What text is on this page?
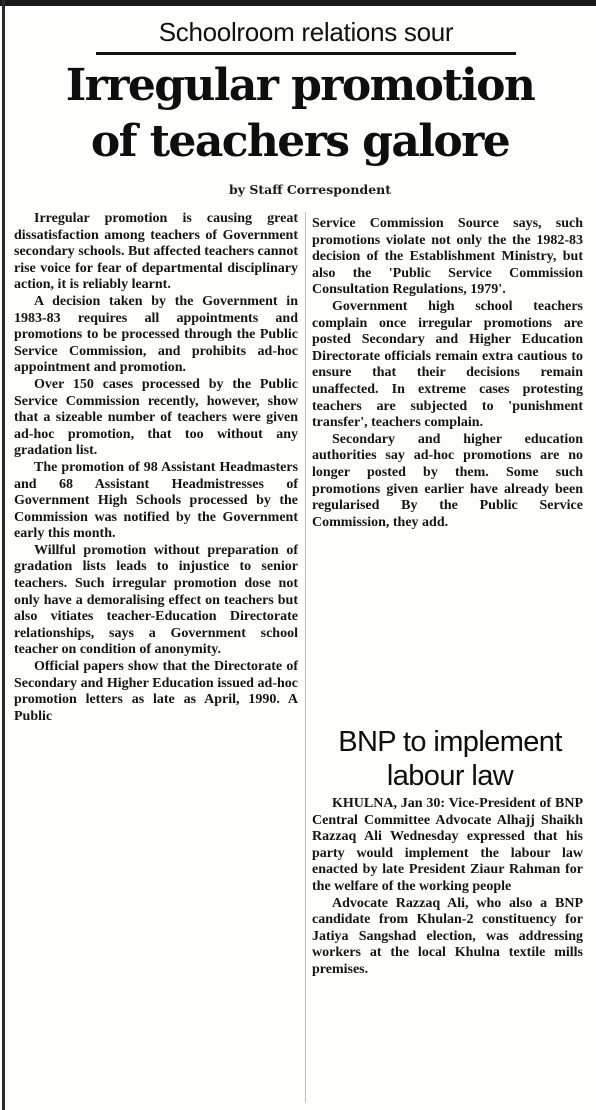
Schoolroom relations sour
Irregular promotion
of teachers galore
by Staff Correspondent

Irregular promotion is causing great dissatisfaction among teachers of Government secondary schools. But affected teachers cannot rise voice for fear of departmental disciplinary action, it is reliably learnt.

A decision taken by the Government in 1983-83 requires all appointments and promotions to be processed through the Public Service Commission, and prohibits ad-hoc appointment and promotion.

Over 150 cases processed by the Public Service Commission recently, however, show that a sizeable number of teachers were given ad-hoc promotion, that too without any gradation list.

The promotion of 98 Assistant Headmasters and 68 Assistant Headmistresses of Government High Schools processed by the Commission was notified by the Government early this month.

Willful promotion without preparation of gradation lists leads to injustice to senior teachers. Such irregular promotion dose not only have a demoralising effect on teachers but also vitiates teacher-Education Directorate relationships, says a Government school teacher on condition of anonymity.

Official papers show that the Directorate of Secondary and Higher Education issued ad-hoc promotion letters as late as April, 1990. A Public

Service Commission Source says, such promotions violate not only the the 1982-83 decision of the Establishment Ministry, but also the 'Public Service Commission Consultation Regulations, 1979'.

Government high school teachers complain once irregular promotions are posted Secondary and Higher Education Directorate officials remain extra cautious to ensure that their decisions remain unaffected. In extreme cases protesting teachers are subjected to 'punishment transfer', teachers complain.

Secondary and higher education authorities say ad-hoc promotions are no longer posted by them. Some such promotions given earlier have already been regularised By the Public Service Commission, they add.

BNP to implement
labour law

KHULNA, Jan 30: Vice-President of BNP Central Committee Advocate Alhajj Shaikh Razzaq Ali Wednesday expressed that his party would implement the labour law enacted by late President Ziaur Rahman for the welfare of the working people

Advocate Razzaq Ali, who also a BNP candidate from Khulan-2 constituency for Jatiya Sangshad election, was addressing workers at the local Khulna textile mills premises.
